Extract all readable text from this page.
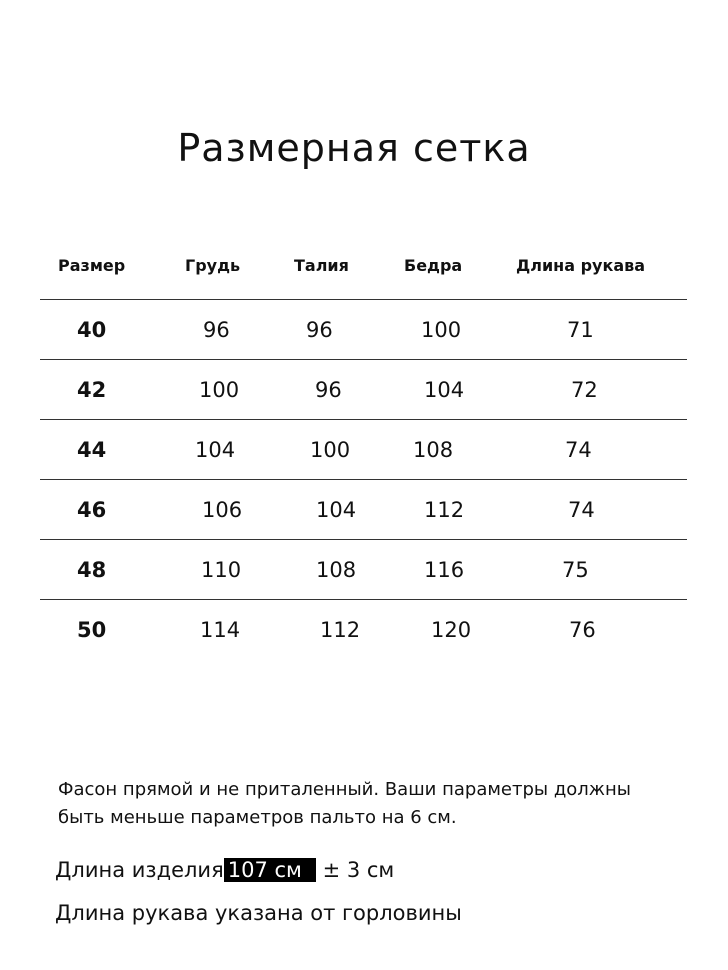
Размерная сетка
Размер	Грудь	Талия	Бедра	Длина рукава
40	96	96	100	71
42	100	96	104	72
44	104	100	108	74
46	106	104	112	74
48	110	108	116	75
50	114	112	120	76
Фасон прямой и не приталенный. Ваши параметры должны быть меньше параметров пальто на 6 см.
Длина изделия 107 см ± 3 см
Длина рукава указана от горловины
